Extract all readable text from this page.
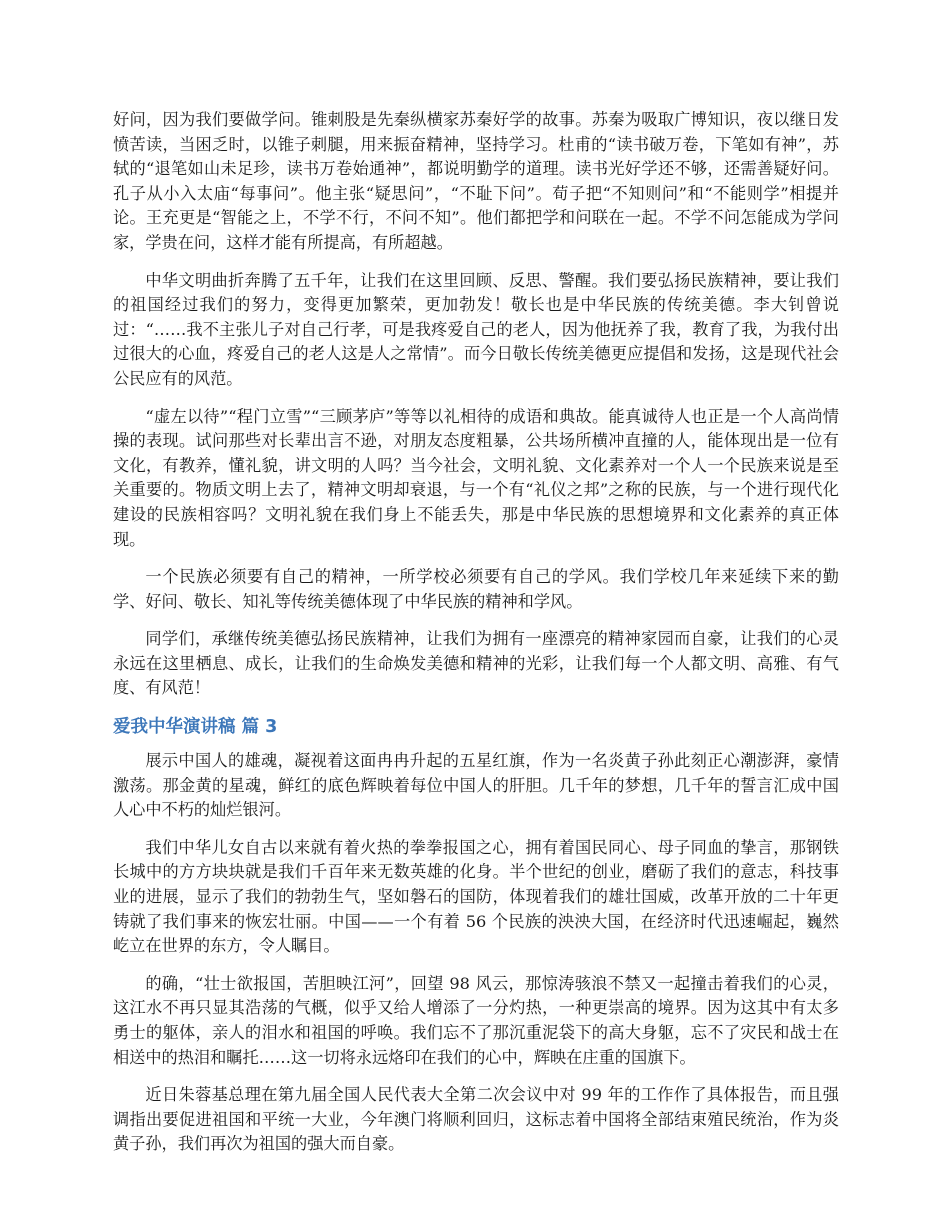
好问，因为我们要做学问。锥刺股是先秦纵横家苏秦好学的故事。苏秦为吸取广博知识，夜以继日发愤苦读，当困乏时，以锥子刺腿，用来振奋精神，坚持学习。杜甫的“读书破万卷，下笔如有神”，苏轼的“退笔如山未足珍，读书万卷始通神”，都说明勤学的道理。读书光好学还不够，还需善疑好问。孔子从小入太庙“每事问”。他主张“疑思问”，“不耻下问”。荀子把“不知则问”和“不能则学”相提并论。王充更是“智能之上，不学不行，不问不知”。他们都把学和问联在一起。不学不问怎能成为学问家，学贵在问，这样才能有所提高，有所超越。

中华文明曲折奔腾了五千年，让我们在这里回顾、反思、警醒。我们要弘扬民族精神，要让我们的祖国经过我们的努力，变得更加繁荣，更加勃发！敬长也是中华民族的传统美德。李大钊曾说过：“……我不主张儿子对自己行孝，可是我疼爱自己的老人，因为他抚养了我，教育了我，为我付出过很大的心血，疼爱自己的老人这是人之常情”。而今日敬长传统美德更应提倡和发扬，这是现代社会公民应有的风范。

“虚左以待”“程门立雪”“三顾茅庐”等等以礼相待的成语和典故。能真诚待人也正是一个人高尚情操的表现。试问那些对长辈出言不逊，对朋友态度粗暴，公共场所横冲直撞的人，能体现出是一位有文化，有教养，懂礼貌，讲文明的人吗？当今社会，文明礼貌、文化素养对一个人一个民族来说是至关重要的。物质文明上去了，精神文明却衰退，与一个有“礼仪之邦”之称的民族，与一个进行现代化建设的民族相容吗？文明礼貌在我们身上不能丢失，那是中华民族的思想境界和文化素养的真正体现。

一个民族必须要有自己的精神，一所学校必须要有自己的学风。我们学校几年来延续下来的勤学、好问、敬长、知礼等传统美德体现了中华民族的精神和学风。

同学们，承继传统美德弘扬民族精神，让我们为拥有一座漂亮的精神家园而自豪，让我们的心灵永远在这里栖息、成长，让我们的生命焕发美德和精神的光彩，让我们每一个人都文明、高雅、有气度、有风范！

爱我中华演讲稿 篇 3

展示中国人的雄魂，凝视着这面冉冉升起的五星红旗，作为一名炎黄子孙此刻正心潮澎湃，豪情激荡。那金黄的星魂，鲜红的底色辉映着每位中国人的肝胆。几千年的梦想，几千年的誓言汇成中国人心中不朽的灿烂银河。

我们中华儿女自古以来就有着火热的拳拳报国之心，拥有着国民同心、母子同血的挚言，那钢铁长城中的方方块块就是我们千百年来无数英雄的化身。半个世纪的创业，磨砺了我们的意志，科技事业的进展，显示了我们的勃勃生气，坚如磐石的国防，体现着我们的雄壮国威，改革开放的二十年更铸就了我们事来的恢宏壮丽。中国——一个有着 56 个民族的泱泱大国，在经济时代迅速崛起，巍然屹立在世界的东方，令人瞩目。

的确，“壮士欲报国，苦胆映江河”，回望 98 风云，那惊涛骇浪不禁又一起撞击着我们的心灵，这江水不再只显其浩荡的气概，似乎又给人增添了一分灼热，一种更崇高的境界。因为这其中有太多勇士的躯体，亲人的泪水和祖国的呼唤。我们忘不了那沉重泥袋下的高大身躯，忘不了灾民和战士在相送中的热泪和瞩托……这一切将永远烙印在我们的心中，辉映在庄重的国旗下。

近日朱蓉基总理在第九届全国人民代表大全第二次会议中对 99 年的工作作了具体报告，而且强调指出要促进祖国和平统一大业，今年澳门将顺利回归，这标志着中国将全部结束殖民统治，作为炎黄子孙，我们再次为祖国的强大而自豪。
